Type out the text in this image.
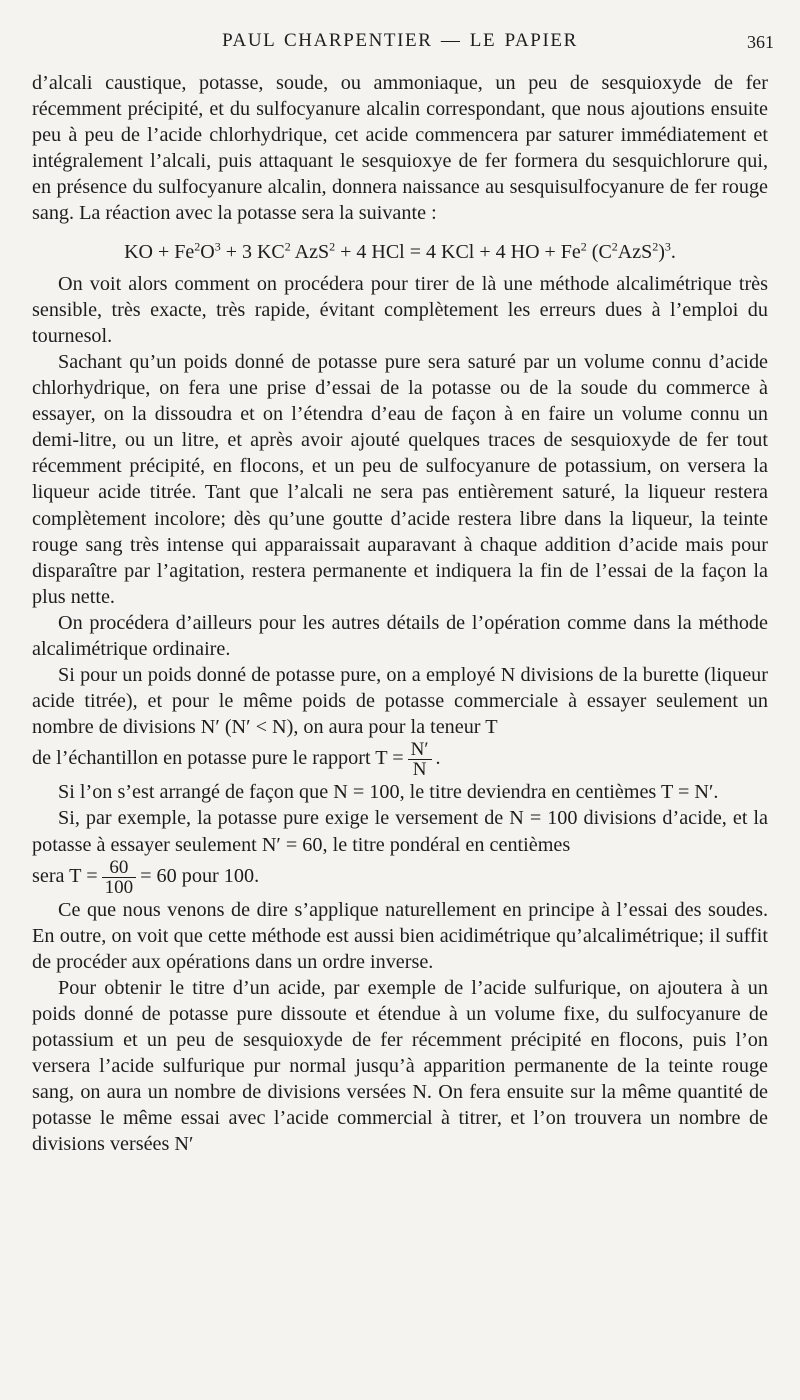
PAUL CHARPENTIER — LE PAPIER	361

d’alcali caustique, potasse, soude, ou ammoniaque, un peu de sesquioxyde de fer récemment précipité, et du sulfocyanure alcalin correspondant, que nous ajoutions ensuite peu à peu de l’acide chlorhydrique, cet acide commencera par saturer immédiatement et intégralement l’alcali, puis attaquant le sesquioxye de fer formera du sesquichlorure qui, en présence du sulfocyanure alcalin, donnera naissance au sesquisulfocyanure de fer rouge sang. La réaction avec la potasse sera la suivante :

KO + $Fe^2O^3 + 3$ $KC^2$ AzS$^2$ + 4 HCl = 4 KCl + 4 HO + $Fe^2$ $(C^2AzS^2)^3$.

On voit alors comment on procédera pour tirer de là une méthode alcalimétrique très sensible, très exacte, très rapide, évitant complètement les erreurs dues à l’emploi du tournesol.

Sachant qu’un poids donné de potasse pure sera saturé par un volume connu d’acide chlorhydrique, on fera une prise d’essai de la potasse ou de la soude du commerce à essayer, on la dissoudra et on l’étendra d’eau de façon à en faire un volume connu un demi-litre, ou un litre, et après avoir ajouté quelques traces de sesquioxyde de fer tout récemment précipité, en flocons, et un peu de sulfocyanure de potassium, on versera la liqueur acide titrée. Tant que l’alcali ne sera pas entièrement saturé, la liqueur restera complètement incolore; dès qu’une goutte d’acide restera libre dans la liqueur, la teinte rouge sang très intense qui apparaissait auparavant à chaque addition d’acide mais pour disparaître par l’agitation, restera permanente et indiquera la fin de l’essai de la façon la plus nette.

On procédera d’ailleurs pour les autres détails de l’opération comme dans la méthode alcalimétrique ordinaire.

Si pour un poids donné de potasse pure, on a employé N divisions de la burette (liqueur acide titrée), et pour le même poids de potasse commerciale à essayer seulement un nombre de divisions N′ (N′ < N), on aura pour la teneur T

de l’échantillon en potasse pure le rapport $T = \frac{N'}{N}$ .

Si l’on s’est arrangé de façon que N = 100, le titre deviendra en centièmes T = N′.

Si, par exemple, la potasse pure exige le versement de N = 100 divisions d’acide, et la potasse à essayer seulement N′ = 60, le titre pondéral en centièmes

sera $T = \frac{60}{100} = 60$ pour 100.

Ce que nous venons de dire s’applique naturellement en principe à l’essai des soudes. En outre, on voit que cette méthode est aussi bien acidimétrique qu’alcalimétrique; il suffit de procéder aux opérations dans un ordre inverse.

Pour obtenir le titre d’un acide, par exemple de l’acide sulfurique, on ajoutera à un poids donné de potasse pure dissoute et étendue à un volume fixe, du sulfocyanure de potassium et un peu de sesquioxyde de fer récemment précipité en flocons, puis l’on versera l’acide sulfurique pur normal jusqu’à apparition permanente de la teinte rouge sang, on aura un nombre de divisions versées N. On fera ensuite sur la même quantité de potasse le même essai avec l’acide commercial à titrer, et l’on trouvera un nombre de divisions versées N′
